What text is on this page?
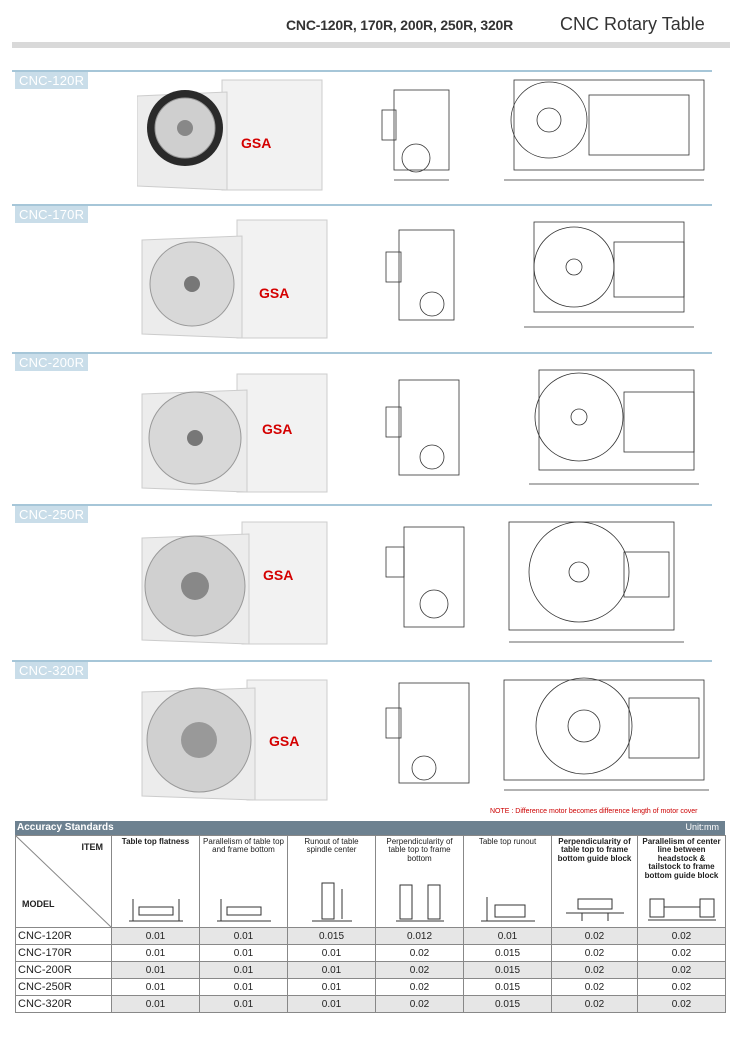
CNC-120R, 170R, 200R, 250R, 320R	CNC Rotary Table
CNC-120R
GSA
CNC-170R
GSA
CNC-200R
GSA
CNC-250R
GSA
CNC-320R
GSA
NOTE : Difference motor becomes difference length of motor cover
Accuracy Standards	Unit:mm
ITEM
MODEL	Table top flatness	Parallelism of table top and frame bottom	Runout of table spindle center	Perpendicularity of table top to frame bottom	Table top runout	Perpendicularity of table top to frame bottom guide block	Parallelism of center line between headstock & tailstock to frame bottom guide block

CNC-120R	0.01	0.01	0.015	0.012	0.01	0.02	0.02
CNC-170R	0.01	0.01	0.01	0.02	0.015	0.02	0.02
CNC-200R	0.01	0.01	0.01	0.02	0.015	0.02	0.02
CNC-250R	0.01	0.01	0.01	0.02	0.015	0.02	0.02
CNC-320R	0.01	0.01	0.01	0.02	0.015	0.02	0.02
